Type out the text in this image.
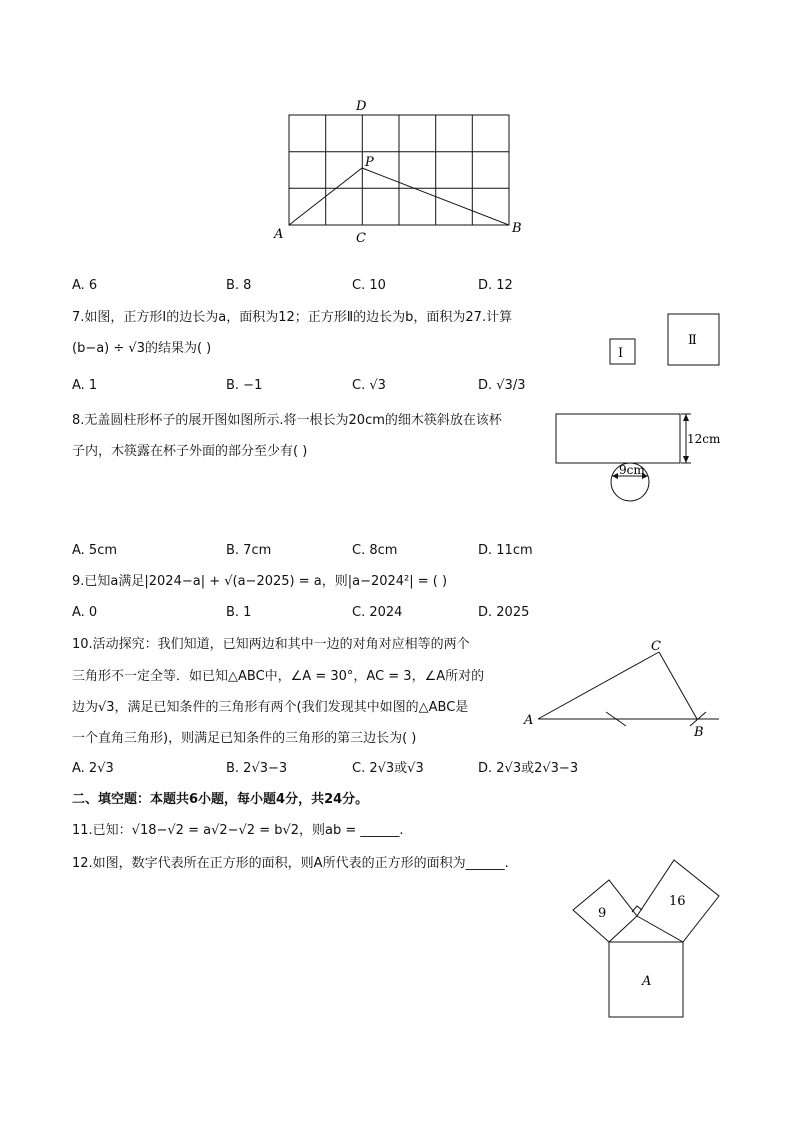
D
P
A	C
B
A. 6	B. 8	C. 10	D. 12
7.如图，正方形Ⅰ的边长为a，面积为12；正方形Ⅱ的边长为b，面积为27.计算
(b−a) ÷ √3的结果为( )	Ⅰ
Ⅱ
A. 1	B. −1	C. √3	D. √3/3
8.无盖圆柱形杯子的展开图如图所示.将一根长为20cm的细木筷斜放在该杯
子内，木筷露在杯子外面的部分至少有( )
12cm
9cm
A. 5cm	B. 7cm	C. 8cm	D. 11cm
9.已知a满足|2024−a| + √(a−2025) = a，则|a−2024²| = ( )
A. 0	B. 1	C. 2024	D. 2025
10.活动探究：我们知道，已知两边和其中一边的对角对应相等的两个
三角形不一定全等．如已知△ABC中，∠A = 30°，AC = 3，∠A所对的
边为√3，满足已知条件的三角形有两个(我们发现其中如图的△ABC是
一个直角三角形)，则满足已知条件的三角形的第三边长为( )
C
A
B
A. 2√3	B. 2√3−3	C. 2√3或√3	D. 2√3或2√3−3
二、填空题：本题共6小题，每小题4分，共24分。
11.已知：√18−√2 = a√2−√2 = b√2，则ab = ______.
12.如图，数字代表所在正方形的面积，则A所代表的正方形的面积为______.
9
16
A
